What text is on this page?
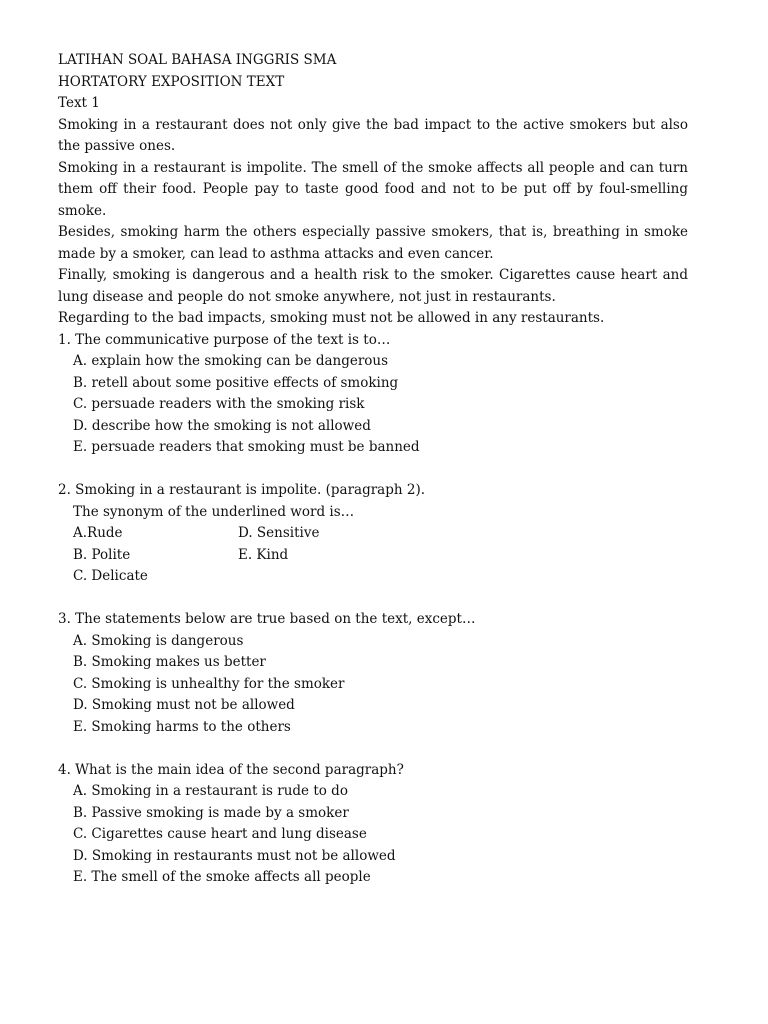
LATIHAN SOAL BAHASA INGGRIS SMA
HORTATORY EXPOSITION TEXT
Text 1
Smoking in a restaurant does not only give the bad impact to the active smokers but also the passive ones.
Smoking in a restaurant is impolite. The smell of the smoke affects all people and can turn them off their food. People pay to taste good food and not to be put off by foul-smelling smoke.
Besides, smoking harm the others especially passive smokers, that is, breathing in smoke made by a smoker, can lead to asthma attacks and even cancer.
Finally, smoking is dangerous and a health risk to the smoker. Cigarettes cause heart and lung disease and people do not smoke anywhere, not just in restaurants.
Regarding to the bad impacts, smoking must not be allowed in any restaurants.
1. The communicative purpose of the text is to…
A. explain how the smoking can be dangerous
B. retell about some positive effects of smoking
C. persuade readers with the smoking risk
D. describe how the smoking is not allowed
E. persuade readers that smoking must be banned
2. Smoking in a restaurant is impolite. (paragraph 2).
The synonym of the underlined word is…
A.Rude	D. Sensitive
B. Polite	E. Kind
C. Delicate
3. The statements below are true based on the text, except…
A. Smoking is dangerous
B. Smoking makes us better
C. Smoking is unhealthy for the smoker
D. Smoking must not be allowed
E. Smoking harms to the others
4. What is the main idea of the second paragraph?
A. Smoking in a restaurant is rude to do
B. Passive smoking is made by a smoker
C. Cigarettes cause heart and lung disease
D. Smoking in restaurants must not be allowed
E. The smell of the smoke affects all people
